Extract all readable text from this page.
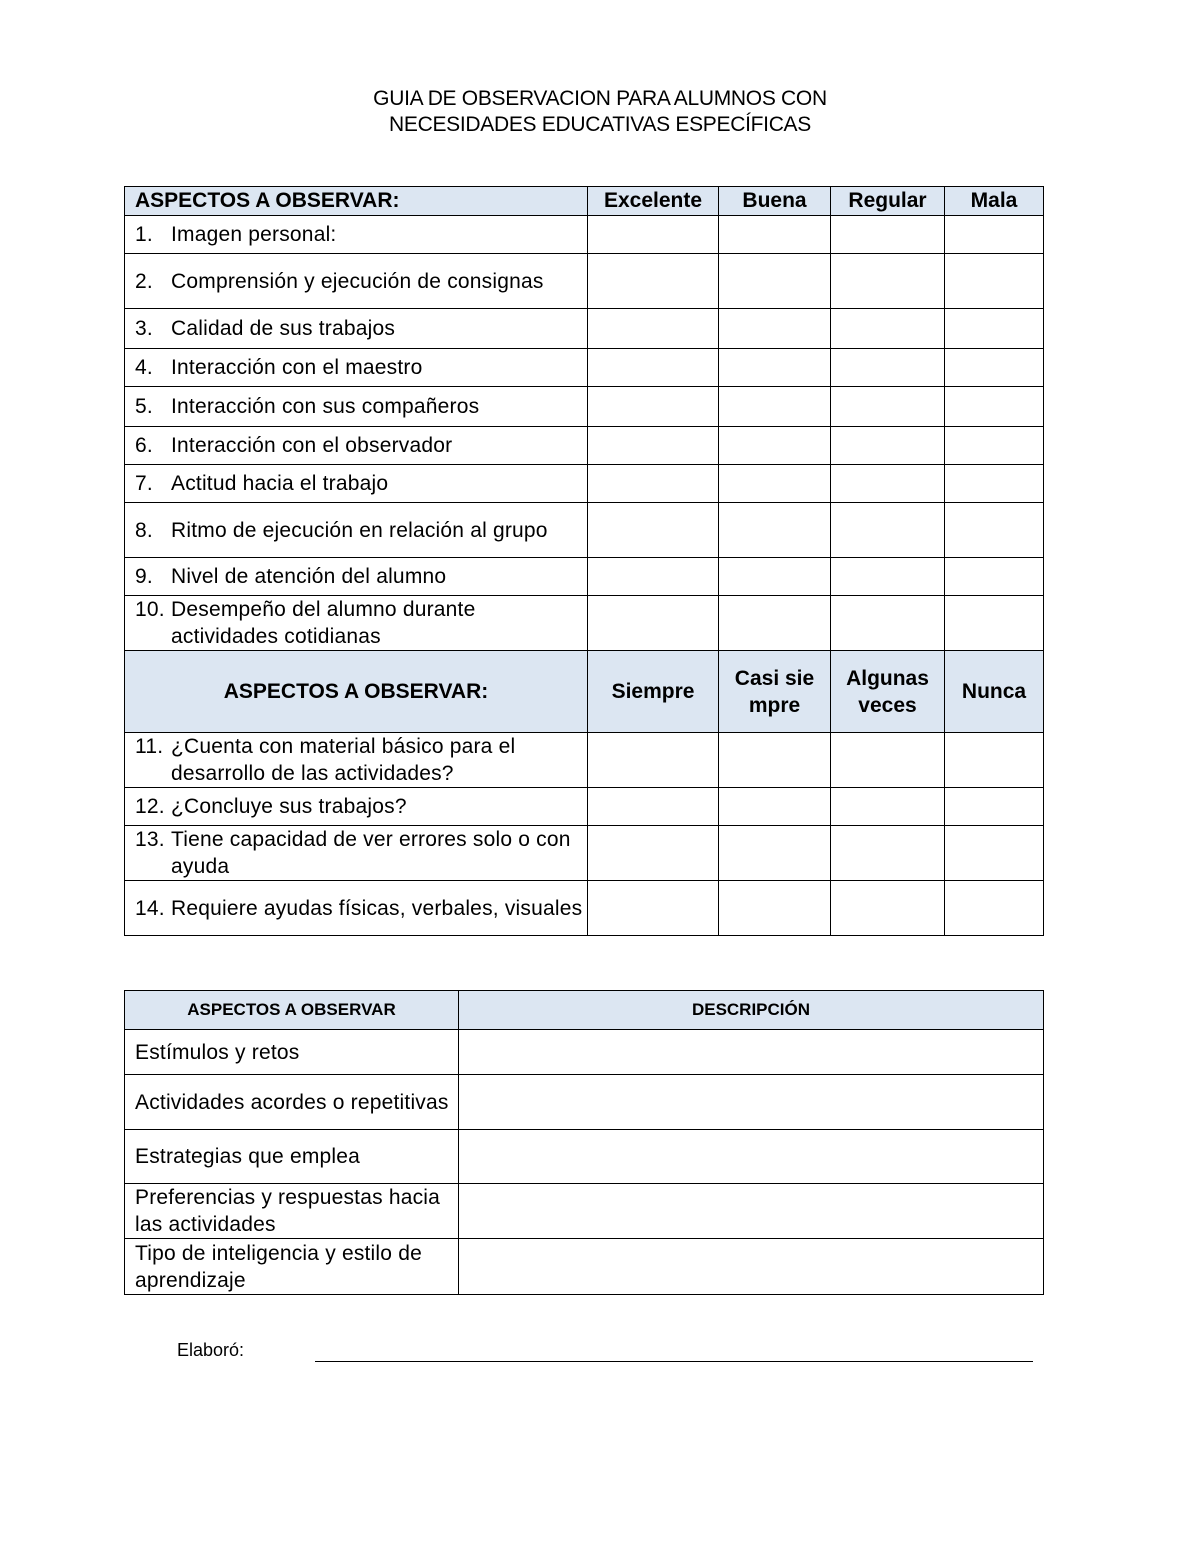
GUIA DE OBSERVACION PARA ALUMNOS CON
NECESIDADES EDUCATIVAS ESPECÍFICAS
ASPECTOS A OBSERVAR:	Excelente	Buena	Regular	Mala

1. Imagen personal:				

2. Comprensión y ejecución de consignas				

3. Calidad de sus trabajos				

4. Interacción con el maestro				

5. Interacción con sus compañeros				

6. Interacción con el observador				

7. Actitud hacia el trabajo				

8. Ritmo de ejecución en relación al grupo				

9. Nivel de atención del alumno				

10. Desempeño del alumno durante actividades cotidianas				

ASPECTOS A OBSERVAR:	Siempre	Casi siempre	Algunas veces	Nunca

11. ¿Cuenta con material básico para el desarrollo de las actividades?				

12. ¿Concluye sus trabajos?				

13. Tiene capacidad de ver errores solo o con ayuda				

14. Requiere ayudas físicas, verbales, visuales				

ASPECTOS A OBSERVAR	DESCRIPCIÓN
Estímulos y retos	
Actividades acordes o repetitivas	
Estrategias que emplea	
Preferencias y respuestas hacia las actividades	
Tipo de inteligencia y estilo de aprendizaje	
Elaboró:
